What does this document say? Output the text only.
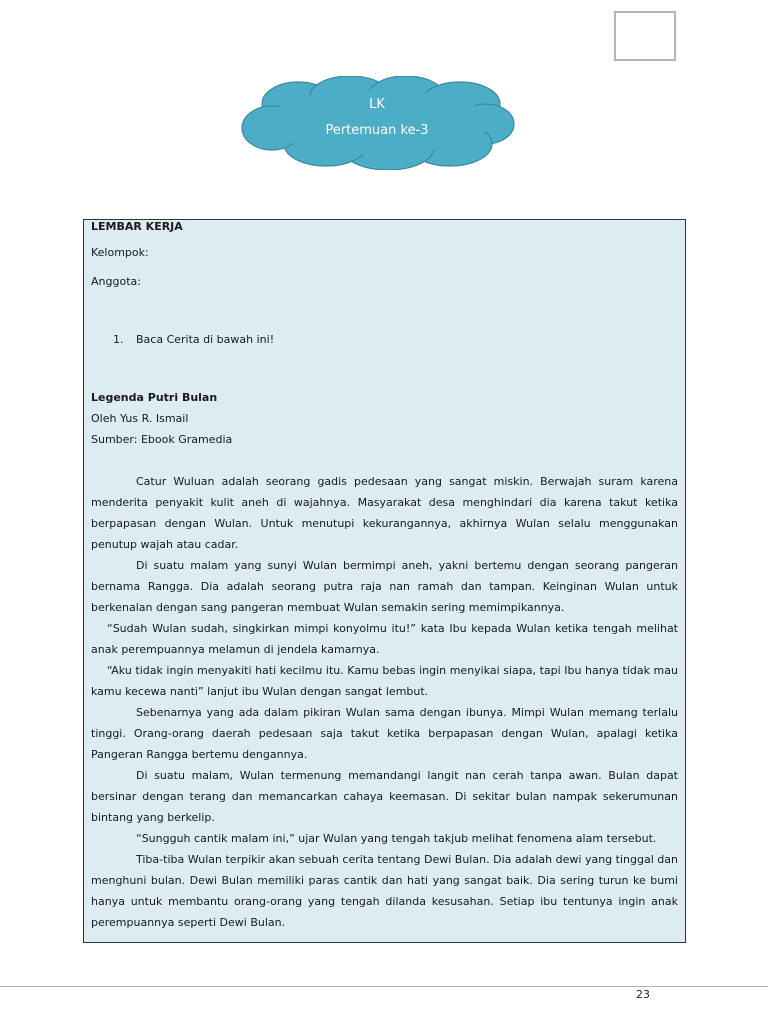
LK
Pertemuan ke-3

LEMBAR KERJA

Kelompok:

Anggota:

1. Baca Cerita di bawah ini!

Legenda Putri Bulan

Oleh Yus R. Ismail

Sumber: Ebook Gramedia

Catur Wuluan adalah seorang gadis pedesaan yang sangat miskin. Berwajah suram karena menderita penyakit kulit aneh di wajahnya. Masyarakat desa menghindari dia karena takut ketika berpapasan dengan Wulan. Untuk menutupi kekurangannya, akhirnya Wulan selalu menggunakan penutup wajah atau cadar.

Di suatu malam yang sunyi Wulan bermimpi aneh, yakni bertemu dengan seorang pangeran bernama Rangga. Dia adalah seorang putra raja nan ramah dan tampan. Keinginan Wulan untuk berkenalan dengan sang pangeran membuat Wulan semakin sering memimpikannya.

“Sudah Wulan sudah, singkirkan mimpi konyolmu itu!” kata Ibu kepada Wulan ketika tengah melihat anak perempuannya melamun di jendela kamarnya.

“Aku tidak ingin menyakiti hati kecilmu itu. Kamu bebas ingin menyikai siapa, tapi Ibu hanya tidak mau kamu kecewa nanti” lanjut ibu Wulan dengan sangat lembut.

Sebenarnya yang ada dalam pikiran Wulan sama dengan ibunya. Mimpi Wulan memang terlalu tinggi. Orang-orang daerah pedesaan saja takut ketika berpapasan dengan Wulan, apalagi ketika Pangeran Rangga bertemu dengannya.

Di suatu malam, Wulan termenung memandangi langit nan cerah tanpa awan. Bulan dapat bersinar dengan terang dan memancarkan cahaya keemasan. Di sekitar bulan nampak sekerumunan bintang yang berkelip.

“Sungguh cantik malam ini,” ujar Wulan yang tengah takjub melihat fenomena alam tersebut.

Tiba-tiba Wulan terpikir akan sebuah cerita tentang Dewi Bulan. Dia adalah dewi yang tinggal dan menghuni bulan. Dewi Bulan memiliki paras cantik dan hati yang sangat baik. Dia sering turun ke bumi hanya untuk membantu orang-orang yang tengah dilanda kesusahan. Setiap ibu tentunya ingin anak perempuannya seperti Dewi Bulan.

23
